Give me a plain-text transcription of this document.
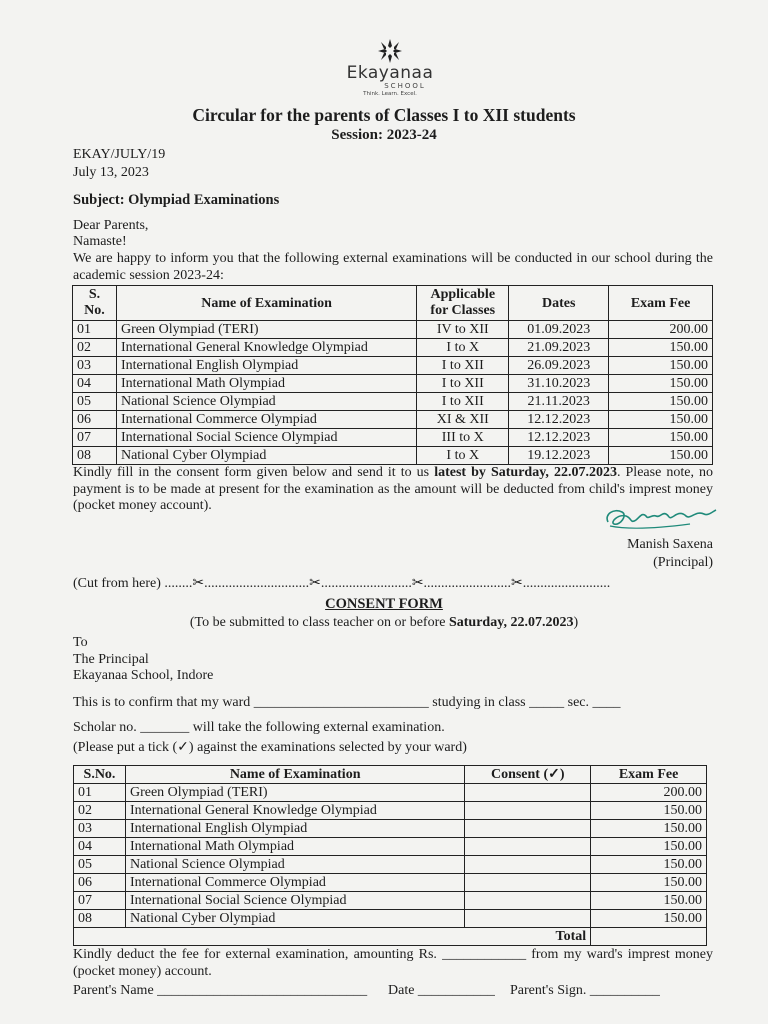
Ekayanaa
SCHOOL
Think. Learn. Excel.
Circular for the parents of Classes I to XII students
Session: 2023-24
EKAY/JULY/19
July 13, 2023
Subject: Olympiad Examinations
Dear Parents,
Namaste!
We are happy to inform you that the following external examinations will be conducted in our school during the academic session 2023-24:
S. No.	Name of Examination	Applicable for Classes	Dates	Exam Fee
01	Green Olympiad (TERI)	IV to XII	01.09.2023	200.00
02	International General Knowledge Olympiad	I to X	21.09.2023	150.00
03	International English Olympiad	I to XII	26.09.2023	150.00
04	International Math Olympiad	I to XII	31.10.2023	150.00
05	National Science Olympiad	I to XII	21.11.2023	150.00
06	International Commerce Olympiad	XI & XII	12.12.2023	150.00
07	International Social Science Olympiad	III to X	12.12.2023	150.00
08	National Cyber Olympiad	I to X	19.12.2023	150.00
Kindly fill in the consent form given below and send it to us latest by Saturday, 22.07.2023. Please note, no payment is to be made at present for the examination as the amount will be deducted from child's imprest money (pocket money account).
Manish Saxena
(Principal)
(Cut from here) ........✂..............................✂..........................✂.........................✂.........................
CONSENT FORM
(To be submitted to class teacher on or before Saturday, 22.07.2023)
To
The Principal
Ekayanaa School, Indore
This is to confirm that my ward _________________________ studying in class _____ sec. ____
Scholar no. _______ will take the following external examination.
(Please put a tick (✓) against the examinations selected by your ward)
S.No.	Name of Examination	Consent (✓)	Exam Fee
01	Green Olympiad (TERI)		200.00
02	International General Knowledge Olympiad		150.00
03	International English Olympiad		150.00
04	International Math Olympiad		150.00
05	National Science Olympiad		150.00
06	International Commerce Olympiad		150.00
07	International Social Science Olympiad		150.00
08	National Cyber Olympiad		150.00
Total			
Kindly deduct the fee for external examination, amounting Rs. ____________ from my ward's imprest money (pocket money) account.
Parent's Name ______________________________ Date ___________ Parent's Sign. __________
